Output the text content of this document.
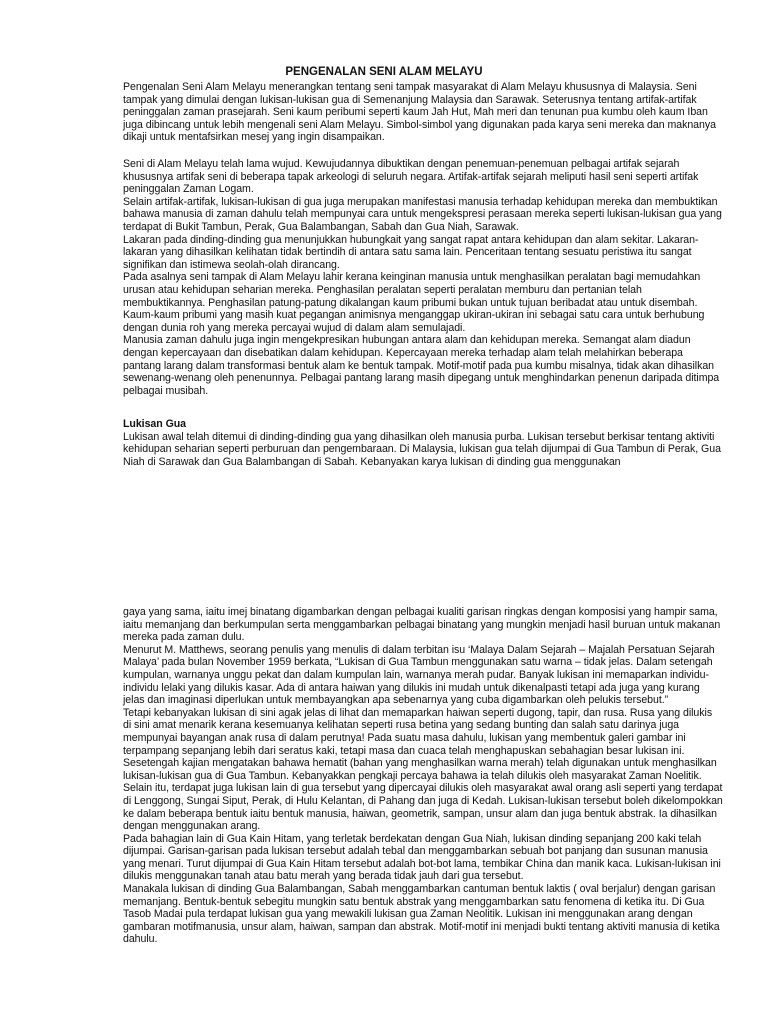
PENGENALAN SENI ALAM MELAYU

Pengenalan Seni Alam Melayu menerangkan tentang seni tampak masyarakat di Alam Melayu khususnya di Malaysia. Seni tampak yang dimulai dengan lukisan-lukisan gua di Semenanjung Malaysia dan Sarawak. Seterusnya tentang artifak-artifak peninggalan zaman prasejarah. Seni kaum peribumi seperti kaum Jah Hut, Mah meri dan tenunan pua kumbu oleh kaum Iban juga dibincang untuk lebih mengenali seni Alam Melayu. Simbol-simbol yang digunakan pada karya seni mereka dan maknanya dikaji untuk mentafsirkan mesej yang ingin disampaikan.

Seni di Alam Melayu telah lama wujud. Kewujudannya dibuktikan dengan penemuan-penemuan pelbagai artifak sejarah khususnya artifak seni di beberapa tapak arkeologi di seluruh negara. Artifak-artifak sejarah meliputi hasil seni seperti artifak peninggalan Zaman Logam.

Selain artifak-artifak, lukisan-lukisan di gua juga merupakan manifestasi manusia terhadap kehidupan mereka dan membuktikan bahawa manusia di zaman dahulu telah mempunyai cara untuk mengekspresi perasaan mereka seperti lukisan-lukisan gua yang terdapat di Bukit Tambun, Perak, Gua Balambangan, Sabah dan Gua Niah, Sarawak.

Lakaran pada dinding-dinding gua menunjukkan hubungkait yang sangat rapat antara kehidupan dan alam sekitar. Lakaran-lakaran yang dihasilkan kelihatan tidak bertindih di antara satu sama lain. Penceritaan tentang sesuatu peristiwa itu sangat signifikan dan istimewa seolah-olah dirancang.

Pada asalnya seni tampak di Alam Melayu lahir kerana keinginan manusia untuk menghasilkan peralatan bagi memudahkan urusan atau kehidupan seharian mereka. Penghasilan peralatan seperti peralatan memburu dan pertanian telah membuktikannya. Penghasilan patung-patung dikalangan kaum pribumi bukan untuk tujuan beribadat atau untuk disembah. Kaum-kaum pribumi yang masih kuat pegangan animisnya menganggap ukiran-ukiran ini sebagai satu cara untuk berhubung dengan dunia roh yang mereka percayai wujud di dalam alam semulajadi.

Manusia zaman dahulu juga ingin mengekpresikan hubungan antara alam dan kehidupan mereka. Semangat alam diadun dengan kepercayaan dan disebatikan dalam kehidupan. Kepercayaan mereka terhadap alam telah melahirkan beberapa pantang larang dalam transformasi bentuk alam ke bentuk tampak. Motif-motif pada pua kumbu misalnya, tidak akan dihasilkan sewenang-wenang oleh penenunnya. Pelbagai pantang larang masih dipegang untuk menghindarkan penenun daripada ditimpa pelbagai musibah.

Lukisan Gua

Lukisan awal telah ditemui di dinding-dinding gua yang dihasilkan oleh manusia purba. Lukisan tersebut berkisar tentang aktiviti kehidupan seharian seperti perburuan dan pengembaraan. Di Malaysia, lukisan gua telah dijumpai di Gua Tambun di Perak, Gua Niah di Sarawak dan Gua Balambangan di Sabah. Kebanyakan karya lukisan di dinding gua menggunakan

gaya yang sama, iaitu imej binatang digambarkan dengan pelbagai kualiti garisan ringkas dengan komposisi yang hampir sama, iaitu memanjang dan berkumpulan serta menggambarkan pelbagai binatang yang mungkin menjadi hasil buruan untuk makanan mereka pada zaman dulu.

Menurut M. Matthews, seorang penulis yang menulis di dalam terbitan isu ‘Malaya Dalam Sejarah – Majalah Persatuan Sejarah Malaya’ pada bulan November 1959 berkata, “Lukisan di Gua Tambun menggunakan satu warna – tidak jelas. Dalam setengah kumpulan, warnanya unggu pekat dan dalam kumpulan lain, warnanya merah pudar. Banyak lukisan ini memaparkan individu-individu lelaki yang dilukis kasar. Ada di antara haiwan yang dilukis ini mudah untuk dikenalpasti tetapi ada juga yang kurang jelas dan imaginasi diperlukan untuk membayangkan apa sebenarnya yang cuba digambarkan oleh pelukis tersebut.”

Tetapi kebanyakan lukisan di sini agak jelas di lihat dan memaparkan haiwan seperti dugong, tapir, dan rusa. Rusa yang dilukis di sini amat menarik kerana kesemuanya kelihatan seperti rusa betina yang sedang bunting dan salah satu darinya juga mempunyai bayangan anak rusa di dalam perutnya! Pada suatu masa dahulu, lukisan yang membentuk galeri gambar ini terpampang sepanjang lebih dari seratus kaki, tetapi masa dan cuaca telah menghapuskan sebahagian besar lukisan ini.

Sesetengah kajian mengatakan bahawa hematit (bahan yang menghasilkan warna merah) telah digunakan untuk menghasilkan lukisan-lukisan gua di Gua Tambun. Kebanyakkan pengkaji percaya bahawa ia telah dilukis oleh masyarakat Zaman Noelitik.

Selain itu, terdapat juga lukisan lain di gua tersebut yang dipercayai dilukis oleh masyarakat awal orang asli seperti yang terdapat di Lenggong, Sungai Siput, Perak, di Hulu Kelantan, di Pahang dan juga di Kedah. Lukisan-lukisan tersebut boleh dikelompokkan ke dalam beberapa bentuk iaitu bentuk manusia, haiwan, geometrik, sampan, unsur alam dan juga bentuk abstrak. Ia dihasilkan dengan menggunakan arang.

Pada bahagian lain di Gua Kain Hitam, yang terletak berdekatan dengan Gua Niah, lukisan dinding sepanjang 200 kaki telah dijumpai. Garisan-garisan pada lukisan tersebut adalah tebal dan menggambarkan sebuah bot panjang dan susunan manusia yang menari. Turut dijumpai di Gua Kain Hitam tersebut adalah bot-bot lama, tembikar China dan manik kaca. Lukisan-lukisan ini dilukis menggunakan tanah atau batu merah yang berada tidak jauh dari gua tersebut.

Manakala lukisan di dinding Gua Balambangan, Sabah menggambarkan cantuman bentuk laktis ( oval berjalur) dengan garisan memanjang. Bentuk-bentuk sebegitu mungkin satu bentuk abstrak yang menggambarkan satu fenomena di ketika itu. Di Gua Tasob Madai pula terdapat lukisan gua yang mewakili lukisan gua Zaman Neolitik. Lukisan ini menggunakan arang dengan gambaran motifmanusia, unsur alam, haiwan, sampan dan abstrak. Motif-motif ini menjadi bukti tentang aktiviti manusia di ketika dahulu.
